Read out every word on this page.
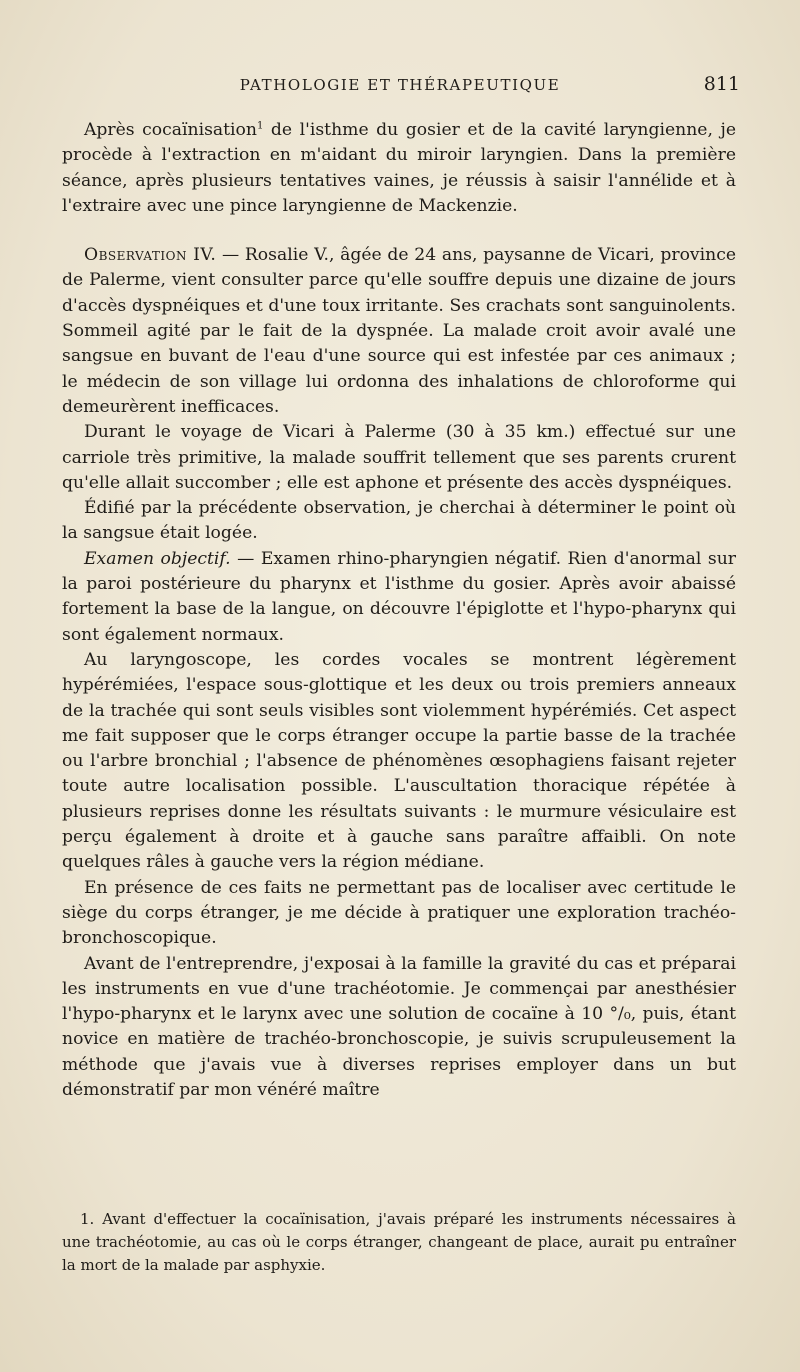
PATHOLOGIE ET THÉRAPEUTIQUE	811

Après cocaïnisation$^1$ de l'isthme du gosier et de la cavité laryngienne, je procède à l'extraction en m'aidant du miroir laryngien. Dans la première séance, après plusieurs tentatives vaines, je réussis à saisir l'annélide et à l'extraire avec une pince laryngienne de Mackenzie.

Observation IV. — Rosalie V., âgée de 24 ans, paysanne de Vicari, province de Palerme, vient consulter parce qu'elle souffre depuis une dizaine de jours d'accès dyspnéiques et d'une toux irritante. Ses crachats sont sanguinolents. Sommeil agité par le fait de la dyspnée. La malade croit avoir avalé une sangsue en buvant de l'eau d'une source qui est infestée par ces animaux ; le médecin de son village lui ordonna des inhalations de chloroforme qui demeurèrent inefficaces.

Durant le voyage de Vicari à Palerme (30 à 35 km.) effectué sur une carriole très primitive, la malade souffrit tellement que ses parents crurent qu'elle allait succomber ; elle est aphone et présente des accès dyspnéiques.

Édifié par la précédente observation, je cherchai à déterminer le point où la sangsue était logée.

Examen objectif. — Examen rhino-pharyngien négatif. Rien d'anormal sur la paroi postérieure du pharynx et l'isthme du gosier. Après avoir abaissé fortement la base de la langue, on découvre l'épiglotte et l'hypo-pharynx qui sont également normaux.

Au laryngoscope, les cordes vocales se montrent légèrement hypérémiées, l'espace sous-glottique et les deux ou trois premiers anneaux de la trachée qui sont seuls visibles sont violemment hypérémiés. Cet aspect me fait supposer que le corps étranger occupe la partie basse de la trachée ou l'arbre bronchial ; l'absence de phénomènes œsophagiens faisant rejeter toute autre localisation possible. L'auscultation thoracique répétée à plusieurs reprises donne les résultats suivants : le murmure vésiculaire est perçu également à droite et à gauche sans paraître affaibli. On note quelques râles à gauche vers la région médiane.

En présence de ces faits ne permettant pas de localiser avec certitude le siège du corps étranger, je me décide à pratiquer une exploration trachéo-bronchoscopique.

Avant de l'entreprendre, j'exposai à la famille la gravité du cas et préparai les instruments en vue d'une trachéotomie. Je commençai par anesthésier l'hypo-pharynx et le larynx avec une solution de cocaïne à 10 °/₀, puis, étant novice en matière de trachéo-bronchoscopie, je suivis scrupuleusement la méthode que j'avais vue à diverses reprises employer dans un but démonstratif par mon vénéré maître

1. Avant d'effectuer la cocaïnisation, j'avais préparé les instruments nécessaires à une trachéotomie, au cas où le corps étranger, changeant de place, aurait pu entraîner la mort de la malade par asphyxie.
